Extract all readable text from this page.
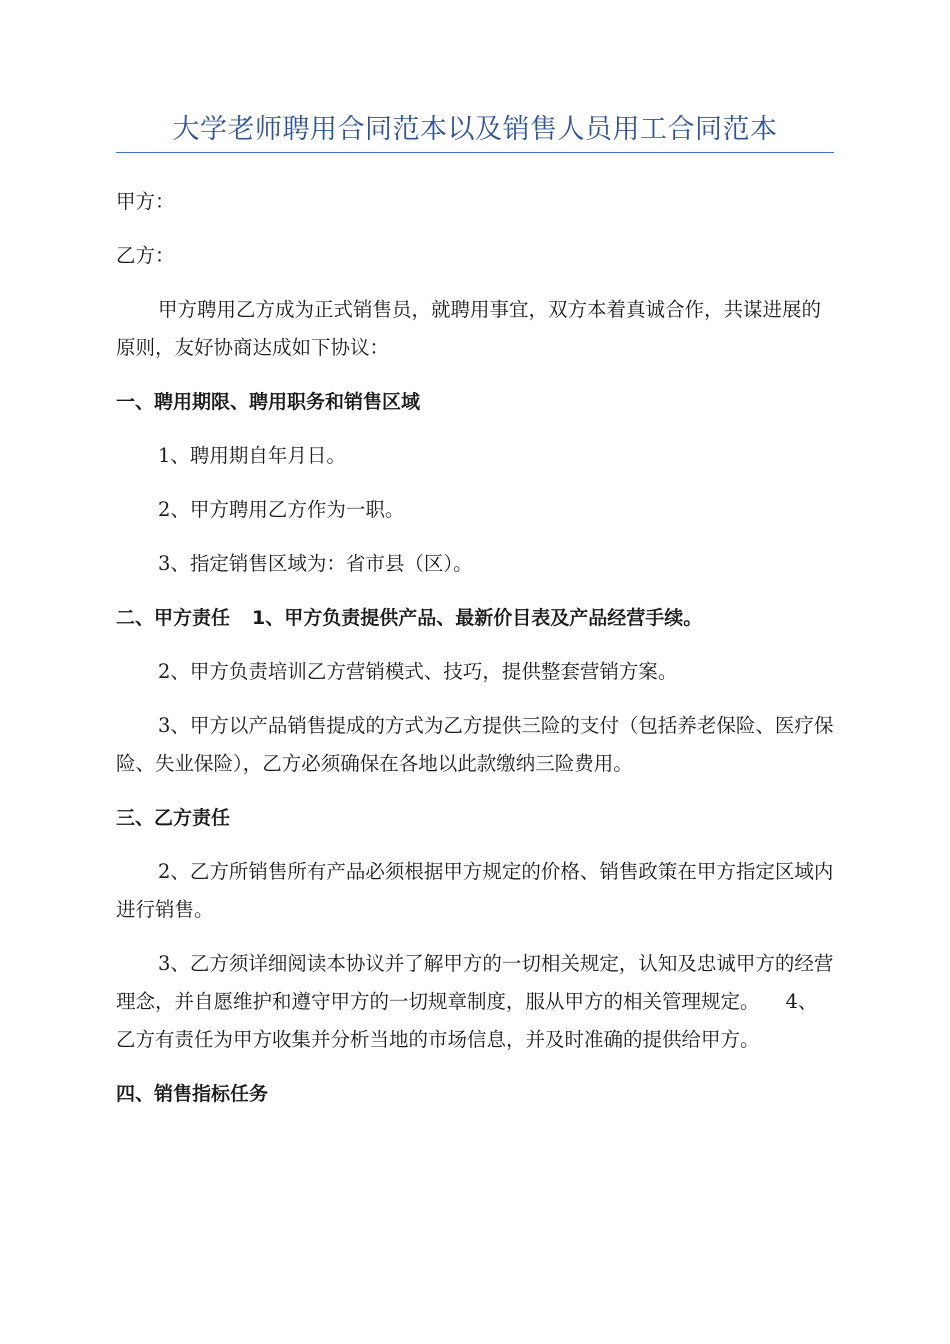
大学老师聘用合同范本以及销售人员用工合同范本
甲方：
乙方：
甲方聘用乙方成为正式销售员，就聘用事宜，双方本着真诚合作，共谋进展的原则，友好协商达成如下协议：
一、聘用期限、聘用职务和销售区域
1、聘用期自年月日。
2、甲方聘用乙方作为一职。
3、指定销售区域为：省市县（区）。
二、甲方责任 1、甲方负责提供产品、最新价目表及产品经营手续。
2、甲方负责培训乙方营销模式、技巧，提供整套营销方案。
3、甲方以产品销售提成的方式为乙方提供三险的支付（包括养老保险、医疗保险、失业保险），乙方必须确保在各地以此款缴纳三险费用。
三、乙方责任
2、乙方所销售所有产品必须根据甲方规定的价格、销售政策在甲方指定区域内进行销售。
3、乙方须详细阅读本协议并了解甲方的一切相关规定，认知及忠诚甲方的经营理念，并自愿维护和遵守甲方的一切规章制度，服从甲方的相关管理规定。 4、乙方有责任为甲方收集并分析当地的市场信息，并及时准确的提供给甲方。
四、销售指标任务
